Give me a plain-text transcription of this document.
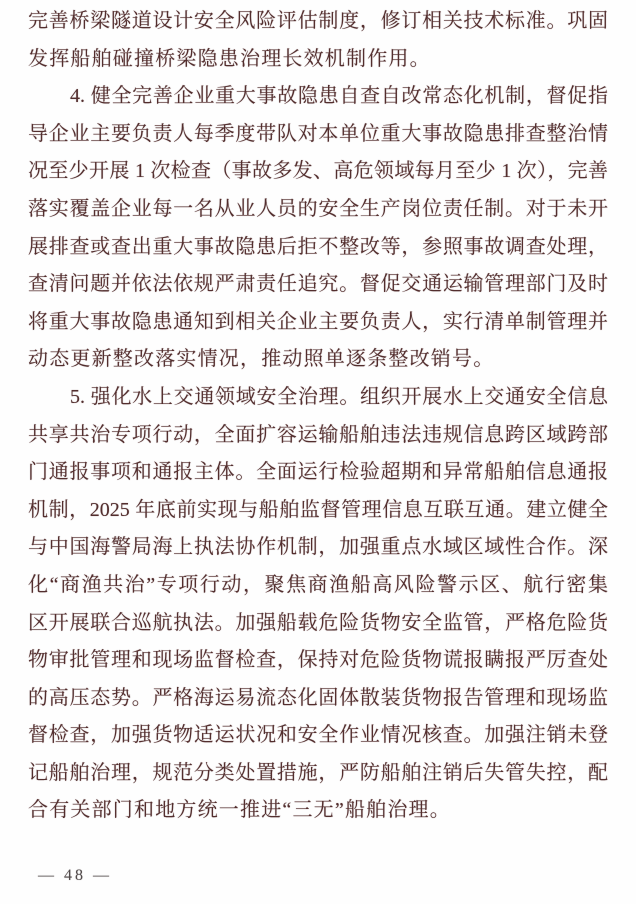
完善桥梁隧道设计安全风险评估制度，修订相关技术标准。巩固
发挥船舶碰撞桥梁隐患治理长效机制作用。
4. 健全完善企业重大事故隐患自查自改常态化机制，督促指
导企业主要负责人每季度带队对本单位重大事故隐患排查整治情
况至少开展 1 次检查（事故多发、高危领域每月至少 1 次），完善
落实覆盖企业每一名从业人员的安全生产岗位责任制。对于未开
展排查或查出重大事故隐患后拒不整改等，参照事故调查处理，
查清问题并依法依规严肃责任追究。督促交通运输管理部门及时
将重大事故隐患通知到相关企业主要负责人，实行清单制管理并
动态更新整改落实情况，推动照单逐条整改销号。
5. 强化水上交通领域安全治理。组织开展水上交通安全信息
共享共治专项行动，全面扩容运输船舶违法违规信息跨区域跨部
门通报事项和通报主体。全面运行检验超期和异常船舶信息通报
机制，2025 年底前实现与船舶监督管理信息互联互通。建立健全
与中国海警局海上执法协作机制，加强重点水域区域性合作。深
化“商渔共治”专项行动，聚焦商渔船高风险警示区、航行密集
区开展联合巡航执法。加强船载危险货物安全监管，严格危险货
物审批管理和现场监督检查，保持对危险货物谎报瞒报严厉查处
的高压态势。严格海运易流态化固体散装货物报告管理和现场监
督检查，加强货物适运状况和安全作业情况核查。加强注销未登
记船舶治理，规范分类处置措施，严防船舶注销后失管失控，配
合有关部门和地方统一推进“三无”船舶治理。
— 48 —
